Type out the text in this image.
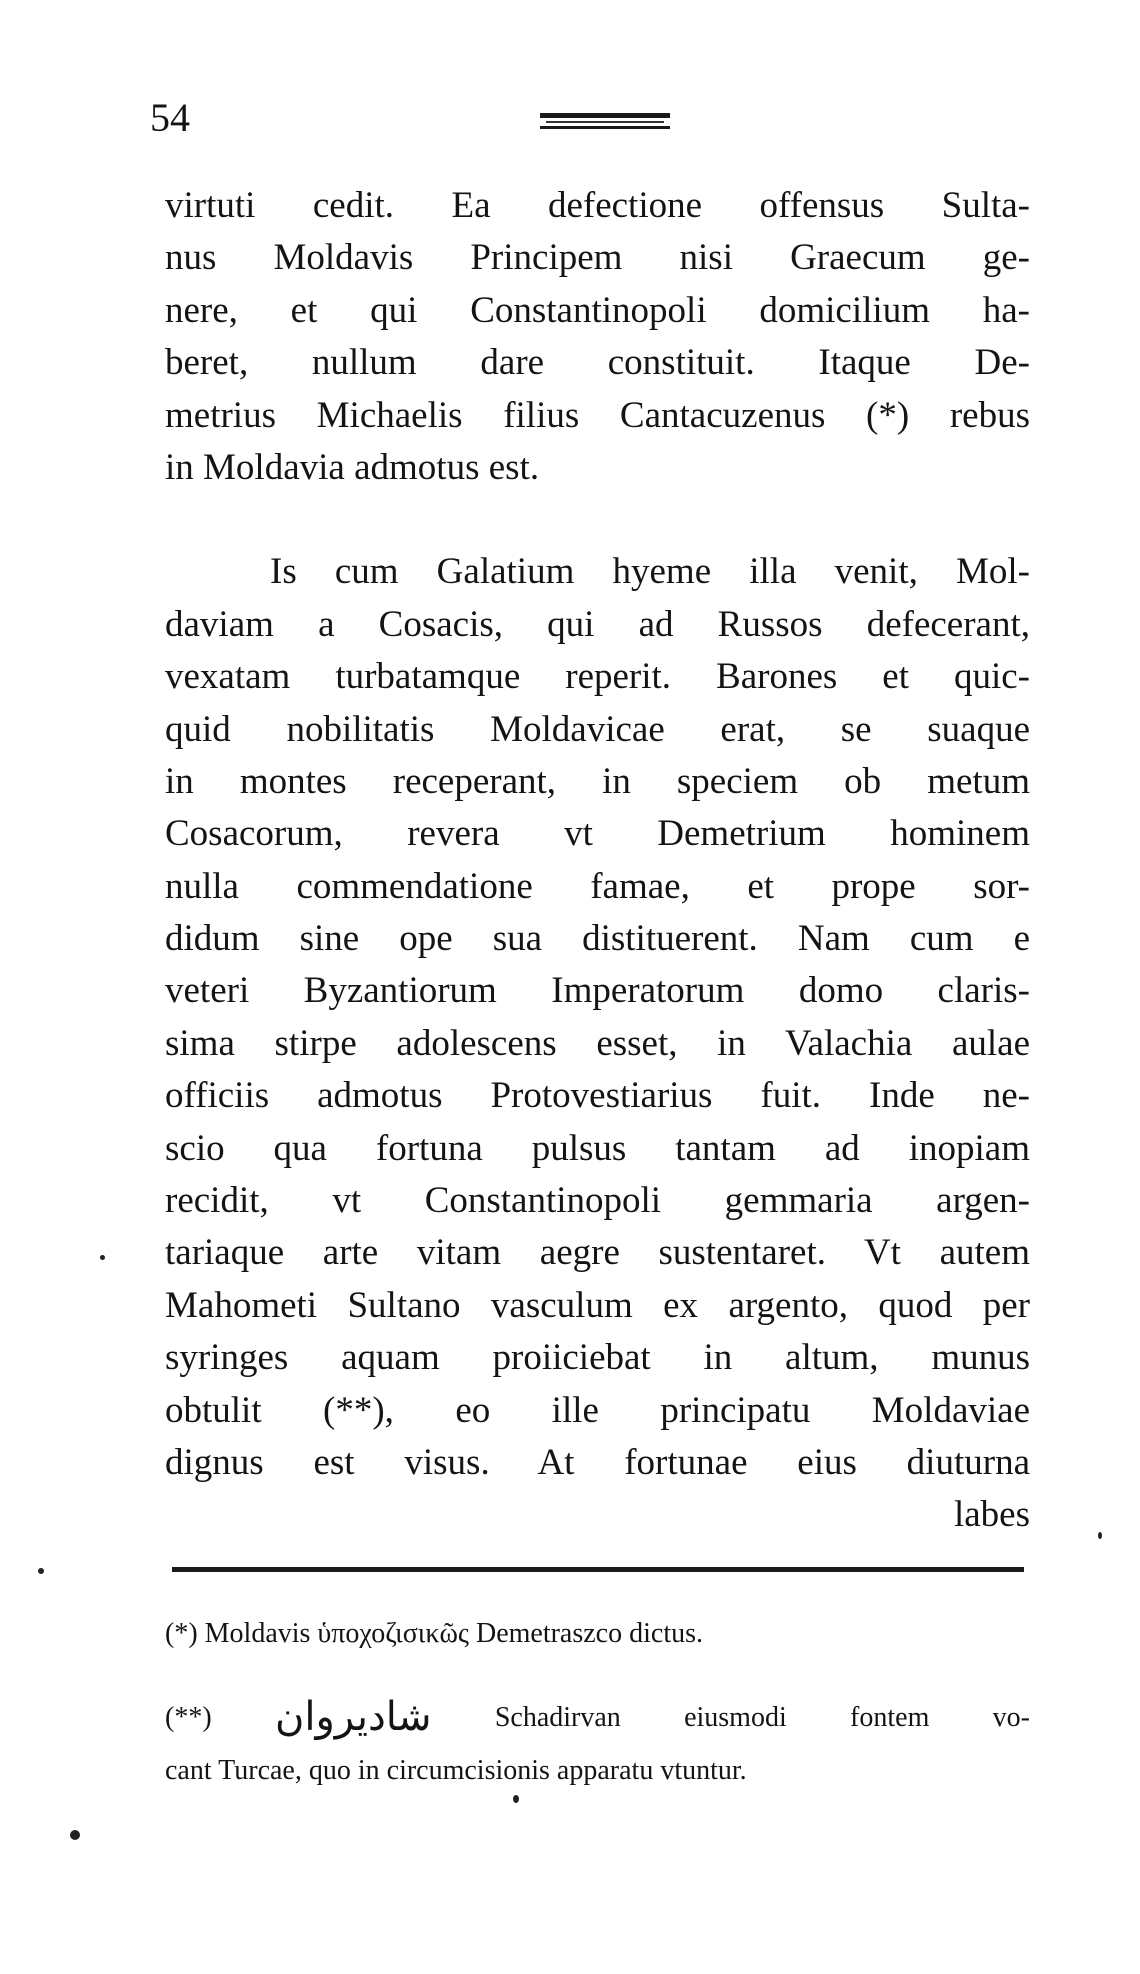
54
virtuti cedit. Ea defectione offensus Sulta-
nus Moldavis Principem nisi Graecum ge-
nere, et qui Constantinopoli domicilium ha-
beret, nullum dare constituit. Itaque De-
metrius Michaelis filius Cantacuzenus (*) rebus
in Moldavia admotus est.
Is cum Galatium hyeme illa venit, Mol-
daviam a Cosacis, qui ad Russos defecerant,
vexatam turbatamque reperit. Barones et quic-
quid nobilitatis Moldavicae erat, se suaque
in montes receperant, in speciem ob metum
Cosacorum, revera vt Demetrium hominem
nulla commendatione famae, et prope sor-
didum sine ope sua distituerent. Nam cum e
veteri Byzantiorum Imperatorum domo claris-
sima stirpe adolescens esset, in Valachia aulae
officiis admotus Protovestiarius fuit. Inde ne-
scio qua fortuna pulsus tantam ad inopiam
recidit, vt Constantinopoli gemmaria argen-
tariaque arte vitam aegre sustentaret. Vt autem
Mahometi Sultano vasculum ex argento, quod per
syringes aquam proiiciebat in altum, munus
obtulit (**), eo ille principatu Moldaviae
dignus est visus. At fortunae eius diuturna
labes
(*) Moldavis ὑποχοζισικῶς Demetraszco dictus.
(**) شادیروان Schadirvan eiusmodi fontem vo-
cant Turcae, quo in circumcisionis apparatu vtuntur.
